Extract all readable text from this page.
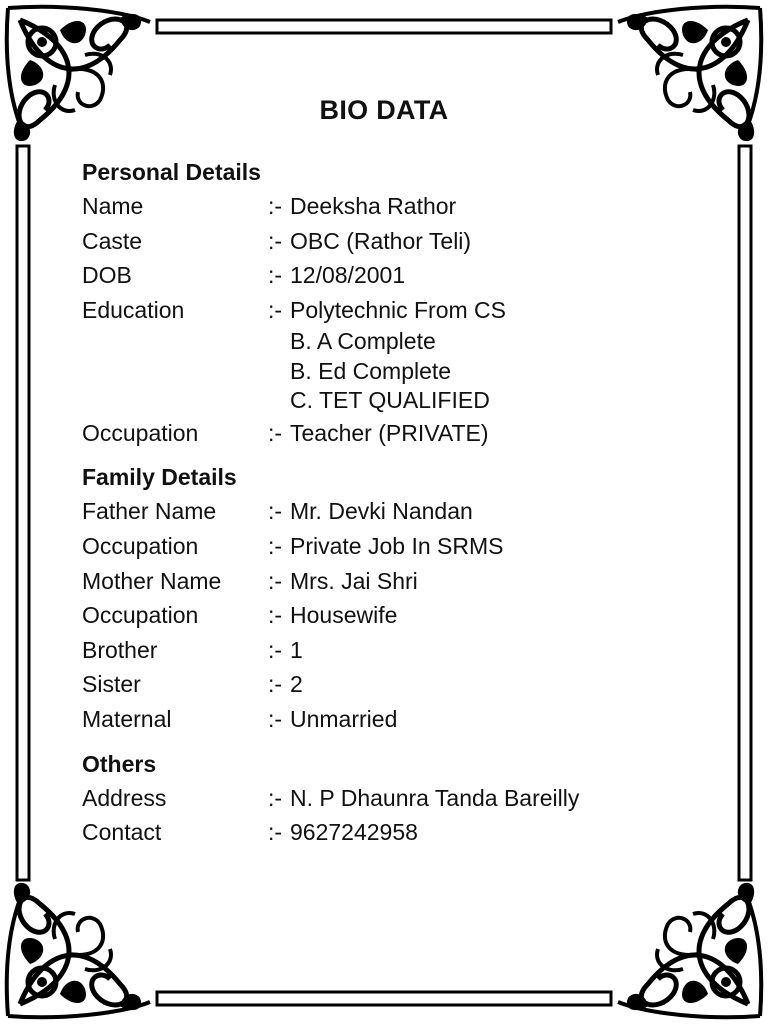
BIO DATA
Personal Details
Name	:- Deeksha Rathor
Caste	:- OBC (Rathor Teli)
DOB	:- 12/08/2001
Education	:- Polytechnic From CS
B. A Complete
B. Ed Complete
C. TET QUALIFIED
Occupation	:- Teacher (PRIVATE)
Family Details
Father Name	:- Mr. Devki Nandan
Occupation	:- Private Job In SRMS
Mother Name	:- Mrs. Jai Shri
Occupation	:- Housewife
Brother	:- 1
Sister	:- 2
Maternal	:- Unmarried
Others
Address	:- N. P Dhaunra Tanda Bareilly
Contact	:- 9627242958
